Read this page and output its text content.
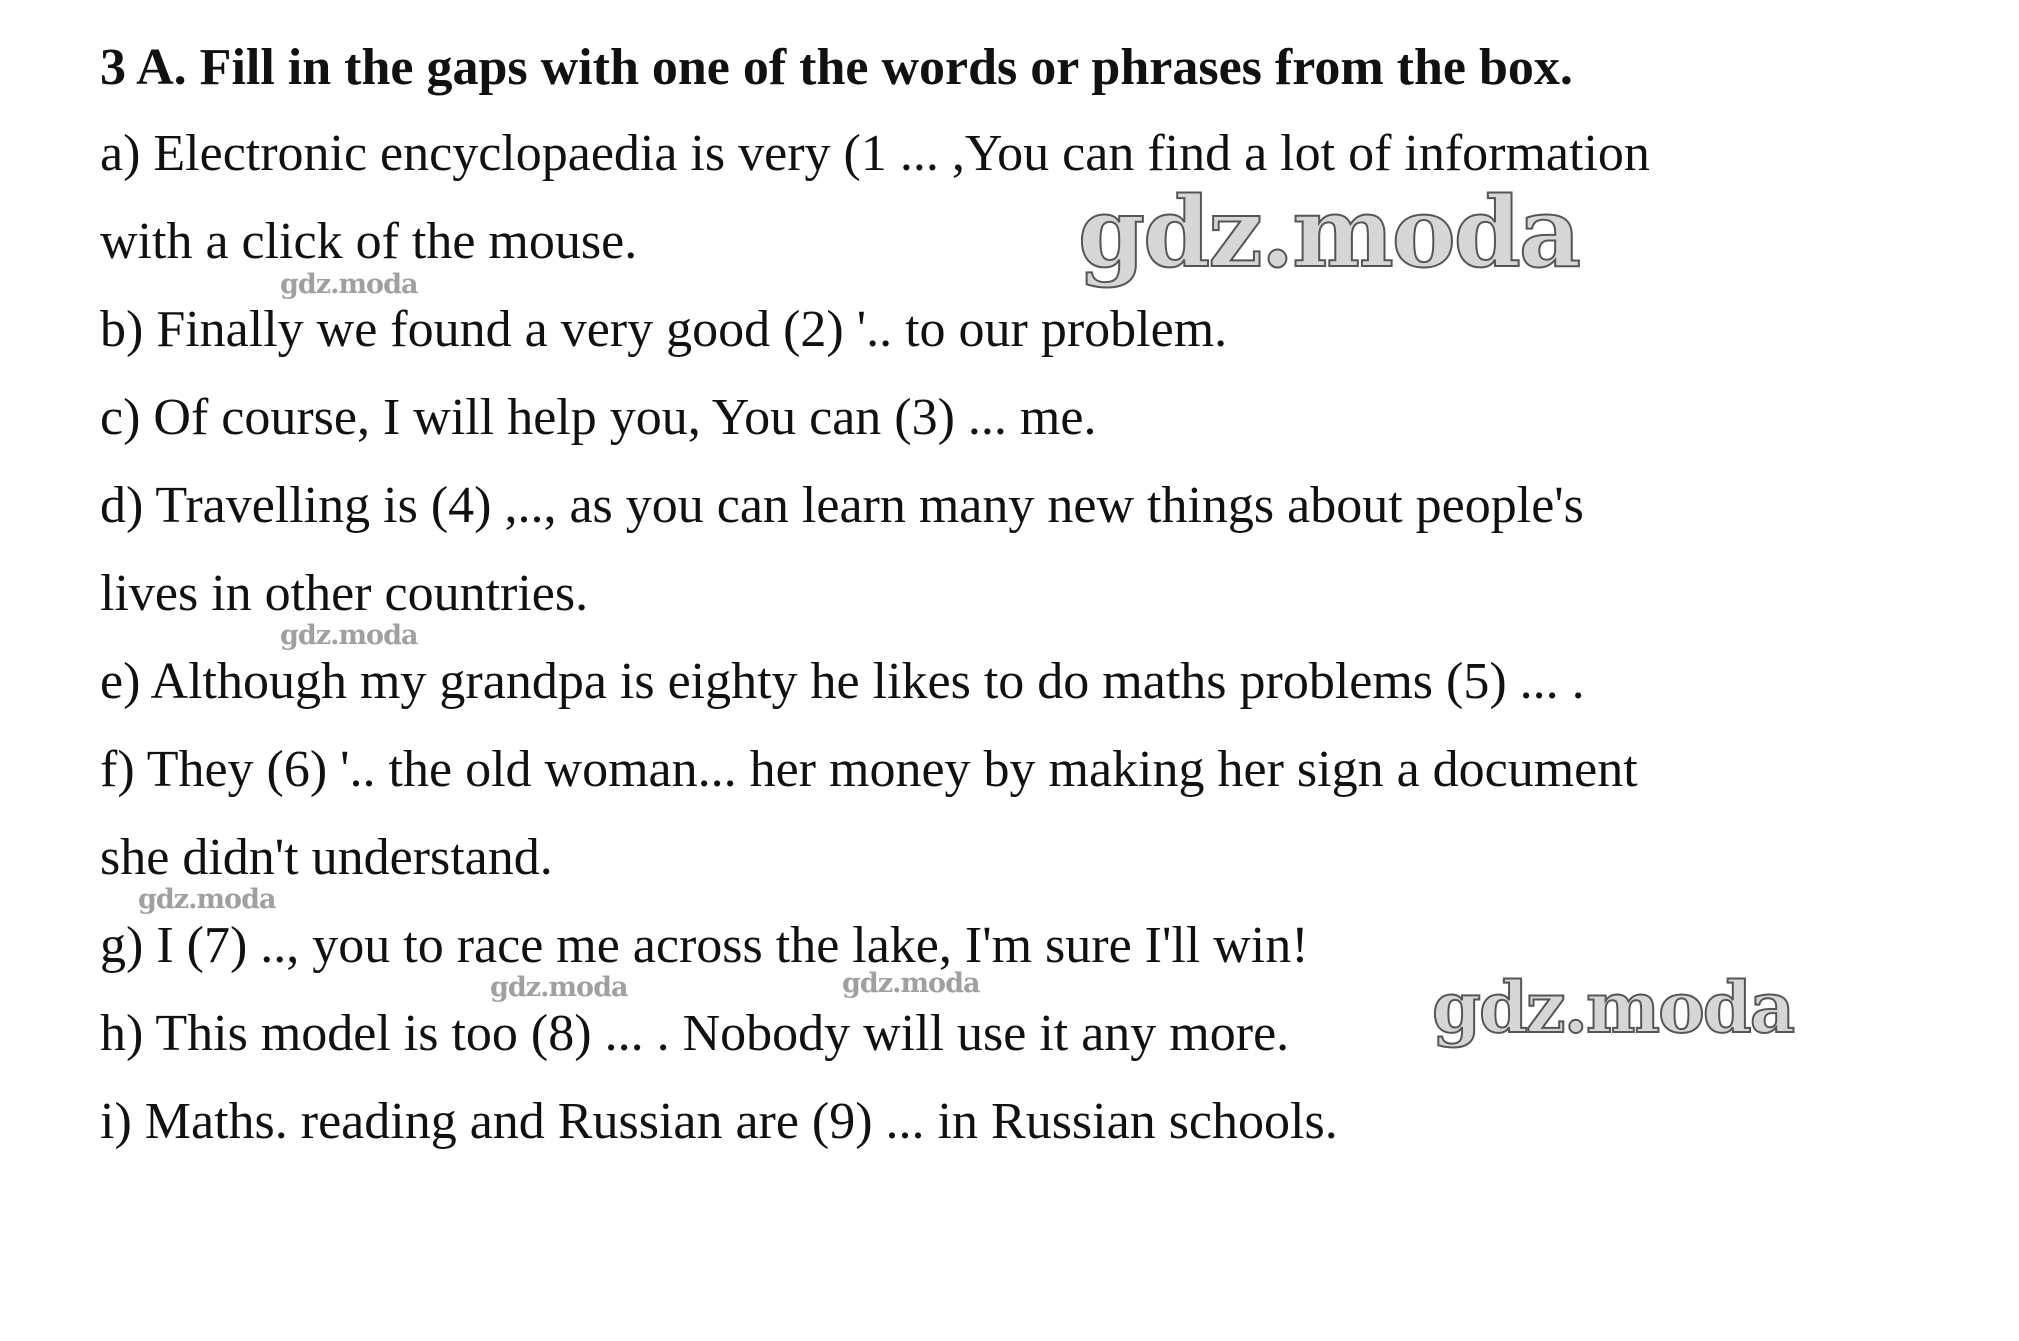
3 A. Fill in the gaps with one of the words or phrases from the box.
a) Electronic encyclopaedia is very (1 ... ,You can find a lot of information
with a click of the mouse.
b) Finally we found a very good (2) '.. to our problem.
c) Of course, I will help you, You can (3) ... me.
d) Travelling is (4) ,.., as you can learn many new things about people's
lives in other countries.
e) Although my grandpa is eighty he likes to do maths problems (5) ... .
f) They (6) '.. the old woman... her money by making her sign a document
she didn't understand.
g) I (7) .., you to race me across the lake, I'm sure I'll win!
h) This model is too (8) ... . Nobody will use it any more.
i) Maths. reading and Russian are (9) ... in Russian schools.
gdz.moda
gdz.moda
gdz.moda
gdz.moda
gdz.moda
gdz.moda	gdz.moda
